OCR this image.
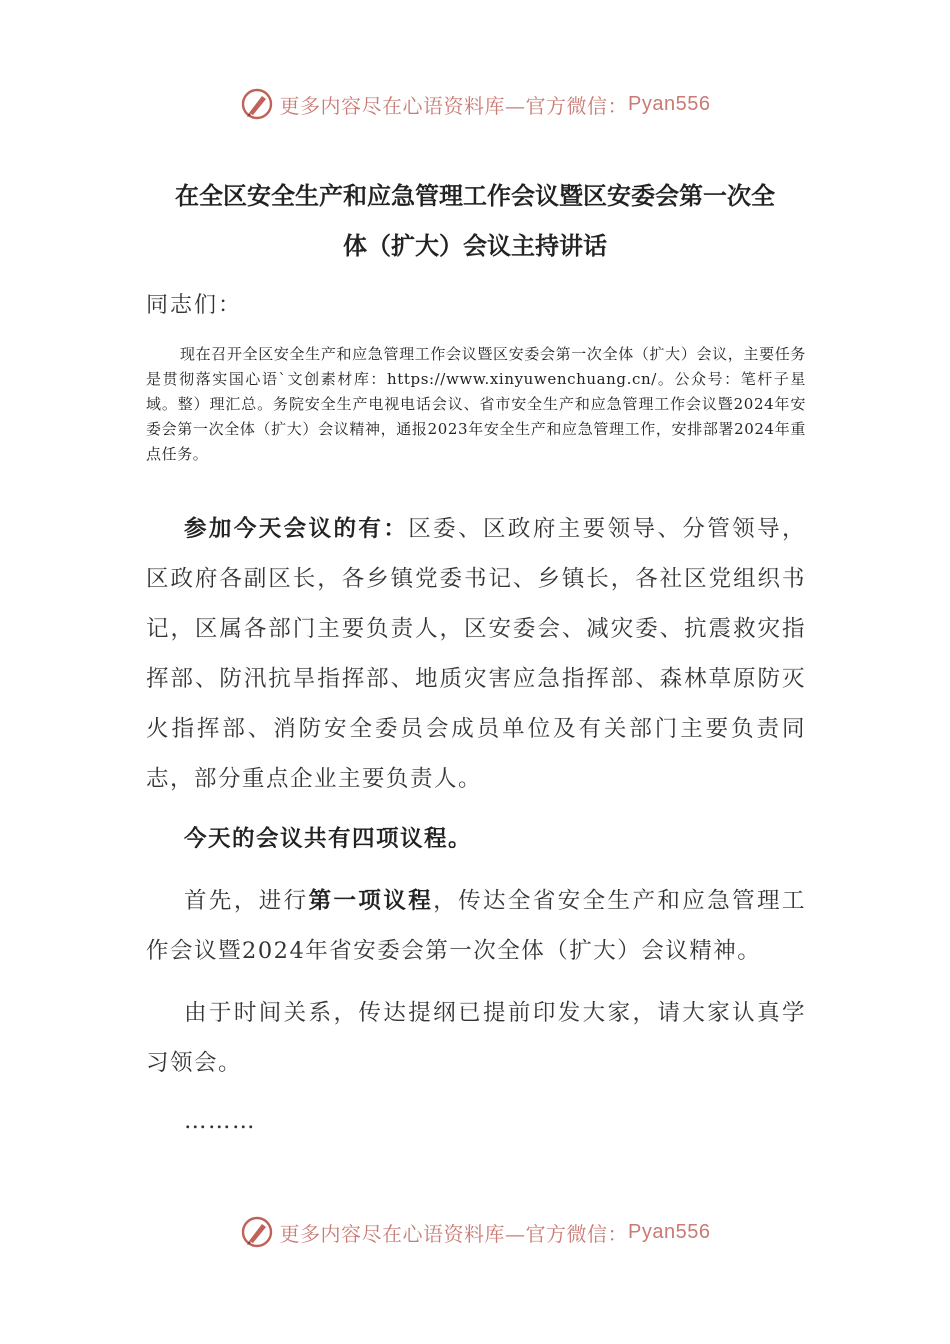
更多内容尽在心语资料库—官方微信： Pyan556
在全区安全生产和应急管理工作会议暨区安委会第一次全
体（扩大）会议主持讲话
同志们：
现在召开全区安全生产和应急管理工作会议暨区安委会第一次全体（扩大）会议，主要任务是贯彻落实国心语`文创素材库：https://www.xinyuwenchuang.cn/。公众号：笔杆子星域。整）理汇总。务院安全生产电视电话会议、省市安全生产和应急管理工作会议暨2024年安委会第一次全体（扩大）会议精神，通报2023年安全生产和应急管理工作，安排部署2024年重点任务。
参加今天会议的有：区委、区政府主要领导、分管领导，区政府各副区长，各乡镇党委书记、乡镇长，各社区党组织书记，区属各部门主要负责人，区安委会、减灾委、抗震救灾指挥部、防汛抗旱指挥部、地质灾害应急指挥部、森林草原防灭火指挥部、消防安全委员会成员单位及有关部门主要负责同志，部分重点企业主要负责人。
今天的会议共有四项议程。
首先，进行第一项议程，传达全省安全生产和应急管理工作会议暨2024年省安委会第一次全体（扩大）会议精神。
由于时间关系，传达提纲已提前印发大家，请大家认真学习领会。
………
更多内容尽在心语资料库—官方微信： Pyan556
